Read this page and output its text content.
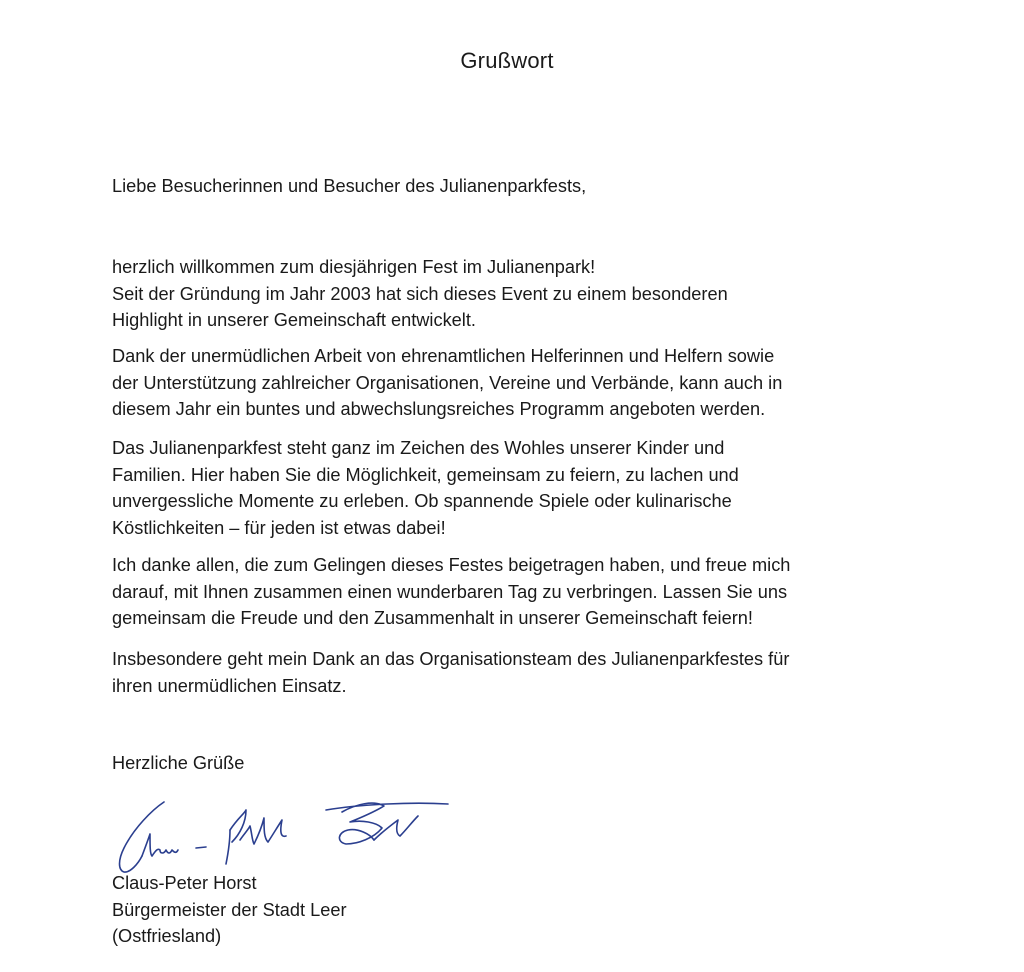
Grußwort

Liebe Besucherinnen und Besucher des Julianenparkfests,

herzlich willkommen zum diesjährigen Fest im Julianenpark!
Seit der Gründung im Jahr 2003 hat sich dieses Event zu einem besonderen
Highlight in unserer Gemeinschaft entwickelt.

Dank der unermüdlichen Arbeit von ehrenamtlichen Helferinnen und Helfern sowie
der Unterstützung zahlreicher Organisationen, Vereine und Verbände, kann auch in
diesem Jahr ein buntes und abwechslungsreiches Programm angeboten werden.

Das Julianenparkfest steht ganz im Zeichen des Wohles unserer Kinder und
Familien. Hier haben Sie die Möglichkeit, gemeinsam zu feiern, zu lachen und
unvergessliche Momente zu erleben. Ob spannende Spiele oder kulinarische
Köstlichkeiten – für jeden ist etwas dabei!

Ich danke allen, die zum Gelingen dieses Festes beigetragen haben, und freue mich
darauf, mit Ihnen zusammen einen wunderbaren Tag zu verbringen. Lassen Sie uns
gemeinsam die Freude und den Zusammenhalt in unserer Gemeinschaft feiern!

Insbesondere geht mein Dank an das Organisationsteam des Julianenparkfestes für
ihren unermüdlichen Einsatz.

Herzliche Grüße

Claus-Peter Horst
Bürgermeister der Stadt Leer
(Ostfriesland)
